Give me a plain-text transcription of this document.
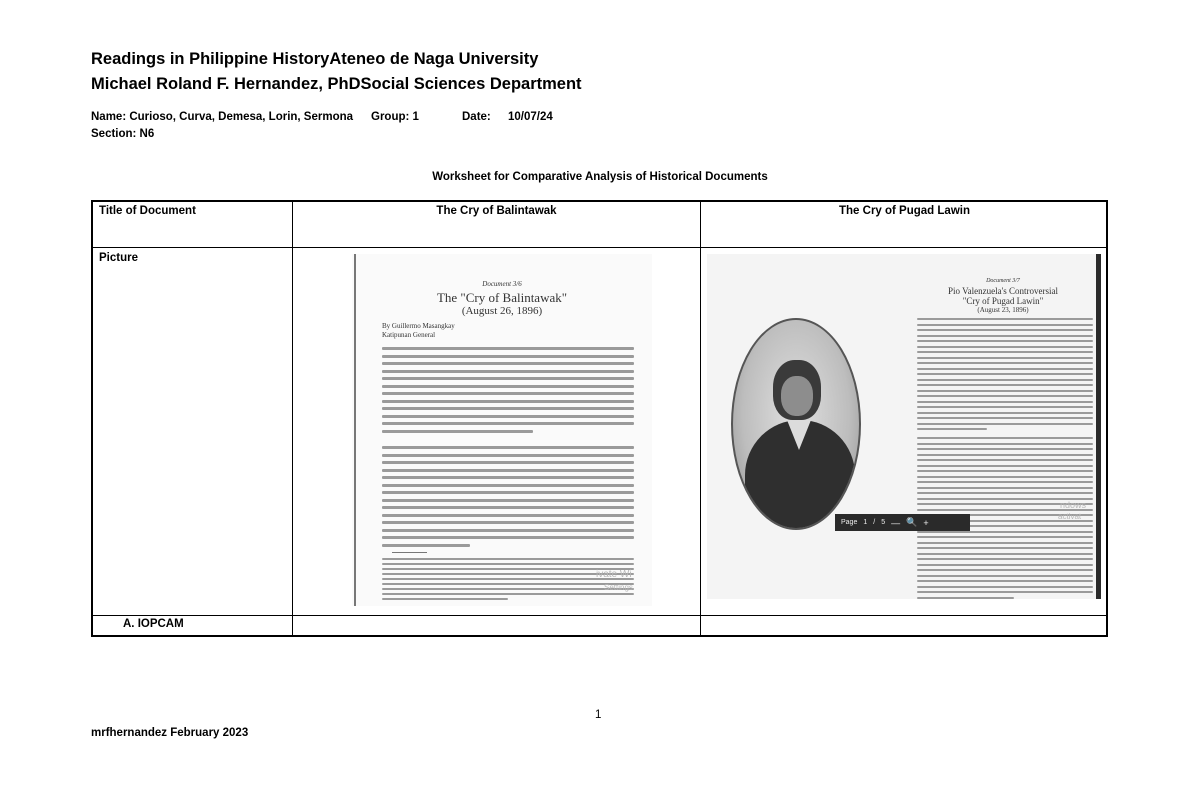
Readings in Philippine HistoryAteneo de Naga University
Michael Roland F. Hernandez, PhDSocial Sciences Department
Name: Curioso, Curva, Demesa, Lorin, Sermona Group: 1	Date: 10/07/24
Section: N6
Worksheet for Comparative Analysis of Historical Documents
Title of Document	The Cry of Balintawak	The Cry of Pugad Lawin
Picture
A. IOPCAM
Document 3/6
The "Cry of Balintawak"
(August 26, 1896)
By Guillermo Masangkay
Katipunan General
ivate Wi
Settings
Document 3/7
Pio Valenzuela's Controversial
"Cry of Pugad Lawin"
(August 23, 1896)
Page 1 / 5 — 🔍 +
ndows
activat
1
mrfhernandez February 2023
